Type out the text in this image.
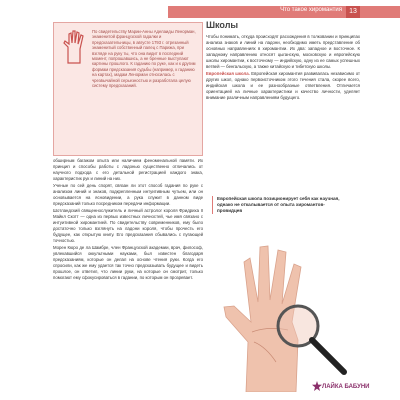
Что такое хиромантия	13
По свидетельству Марии-Анны Аделаиды Ленорман, знаменитой французской гадалки и предсказательницы, в августе 1793 г. отрезанный знаменитый собственный палец с Парижа, при взгляде на руку ты, что она видит в последний момент, попрошавшись, а не бренные выступают картины прошлого. К гаданию по руке, как и к другим формам предсказания судьбы (например, к гаданию на картах), мадам Ленорман относилась с чрезвычайной серьезностью и разработала целую систему предсказаний.

обширным багажом опыта или наличием феноменальной памяти. Их принцип и способы работы с ладонью существенно отличались от научного подхода с его детальной регистрацией каждого знака, характеристик рук и линий на них.

Ученые по сей день спорят, связан ли этот способ гадания по руке с анализом линий и знаков, подкрепленным интуитивным чутьем, или он основывается на ясновидении, а рука служит в данном виде предсказаний только посредником передачи информации.

Шотландский священнослужитель и личный астролог короля Фридриха II Майкл Скотт — одна из первых известных личностей, чье имя связано с интуитивной хиромантией. По свидетельству современников, ему было достаточно только взглянуть на ладони короля, чтобы прочесть его будущее, как открытую книгу. Его предсказания сбывались с пугающей точностью.

Морен Кюро де ла Шамбре, член Французской академии, врач, философ, увлекавшийся оккультными науками, был известен благодаря предсказаниям, которые он делал на основе чтения руки. Когда его спросили, как же ему удается так точно предсказывать будущее и видеть прошлое, он ответил, что линии руки, на которые он смотрит, только помогают ему сфокусироваться в гадании, по которым он прозревает.

Школы

Чтобы понимать, откуда происходят расхождения в толковании и принципах анализа знаков и линий на ладони, необходимо иметь представление об основных направлениях в хиромантии. Их два: западное и восточное. К западному направлению относят цыганскую, московскую и европейскую школы хиромантии, к восточному — индийскую, одну из ее самых успешных ветвей — бенгальскую, а также китайскую и тибетскую школы.

Европейская школа. Европейская хиромантия развивалась независимо от других школ, однако первоисточником этого течения стала, скорее всего, индийская школа и ее разнообразные ответвления. Отличается ориентацией на личные характеристики и качество личности, уделяет внимание различным направлениям будущего.

Европейская школа позиционирует себя как научная, однако не откалывается от опыта хиромантов-провидцев
ЛАЙКА БАБУНИ
